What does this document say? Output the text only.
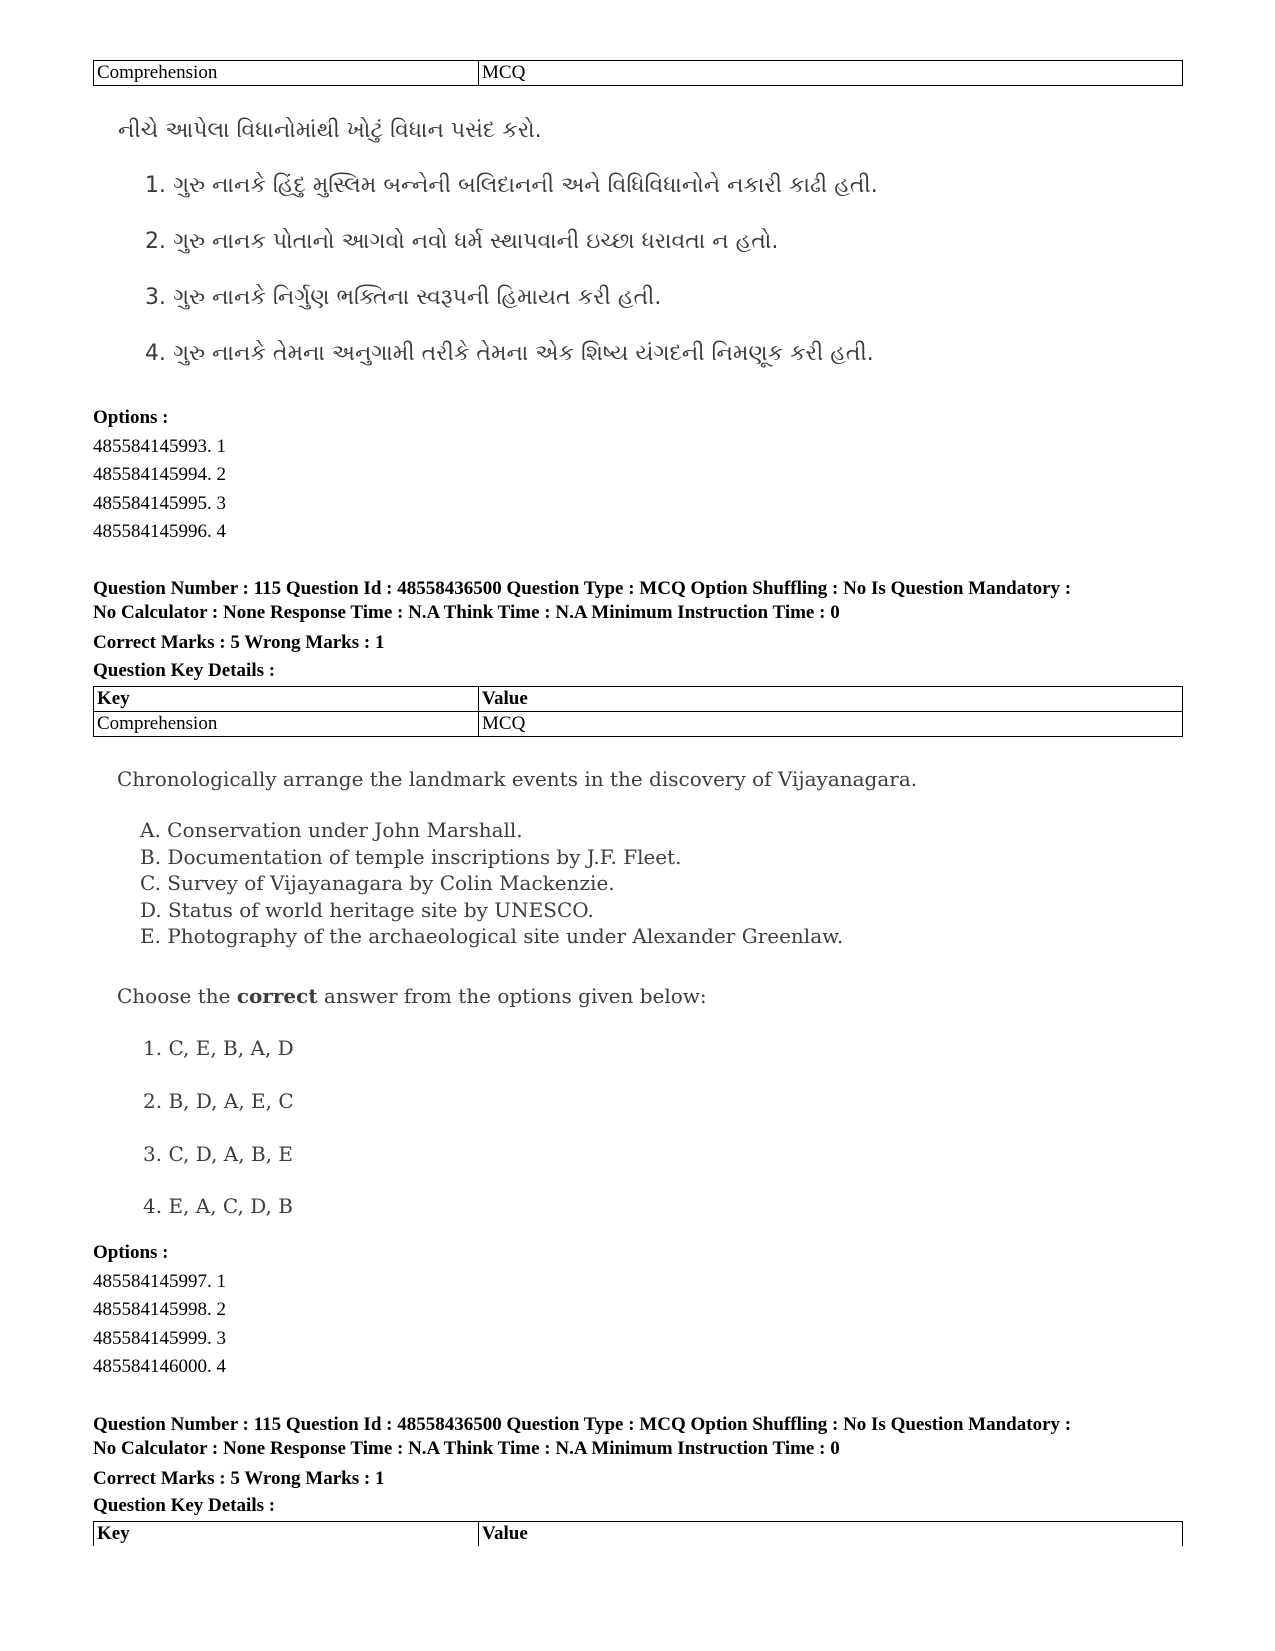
Comprehension	MCQ
નીચે આપેલા વિધાનોમાંથી ખોટું વિધાન પસંદ કરો.
1. ગુરુ નાનકે હિંદુ મુસ્લિમ બન્નેની બલિદાનની અને વિધિવિધાનોને નકારી કાઢી હતી.
2. ગુરુ નાનક પોતાનો આગવો નવો ધર્મ સ્થાપવાની ઇચ્છા ધરાવતા ન હતો.
3. ગુરુ નાનકે નિર્ગુણ ભક્તિના સ્વરૂપની હિમાયત કરી હતી.
4. ગુરુ નાનકે તેમના અનુગામી તરીકે તેમના એક શિષ્ય યંગદની નિમણૂક કરી હતી.
Options :
485584145993. 1
485584145994. 2
485584145995. 3
485584145996. 4
Question Number : 115 Question Id : 48558436500 Question Type : MCQ Option Shuffling : No Is Question Mandatory :
No Calculator : None Response Time : N.A Think Time : N.A Minimum Instruction Time : 0
Correct Marks : 5 Wrong Marks : 1
Question Key Details :
Key	Value
Comprehension	MCQ
Chronologically arrange the landmark events in the discovery of Vijayanagara.
A. Conservation under John Marshall.
B. Documentation of temple inscriptions by J.F. Fleet.
C. Survey of Vijayanagara by Colin Mackenzie.
D. Status of world heritage site by UNESCO.
E. Photography of the archaeological site under Alexander Greenlaw.
Choose the correct answer from the options given below:
1. C, E, B, A, D
2. B, D, A, E, C
3. C, D, A, B, E
4. E, A, C, D, B
Options :
485584145997. 1
485584145998. 2
485584145999. 3
485584146000. 4
Question Number : 115 Question Id : 48558436500 Question Type : MCQ Option Shuffling : No Is Question Mandatory :
No Calculator : None Response Time : N.A Think Time : N.A Minimum Instruction Time : 0
Correct Marks : 5 Wrong Marks : 1
Question Key Details :
Key	Value
